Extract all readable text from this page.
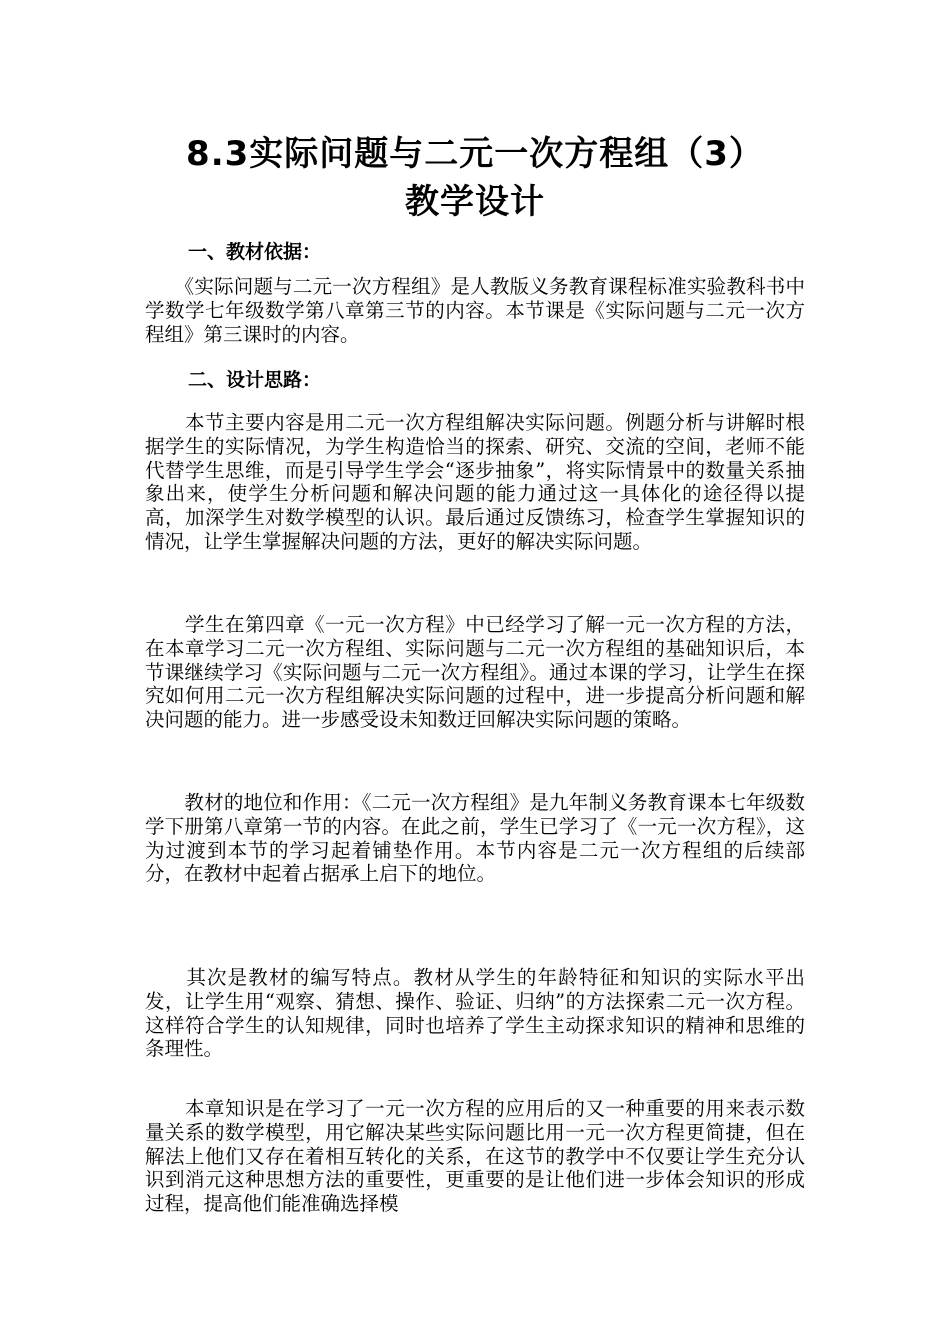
8.3实际问题与二元一次方程组（3）
教学设计
一、教材依据：

　　《实际问题与二元一次方程组》是人教版义务教育课程标准实验教科书中学数学七年级数学第八章第三节的内容。本节课是《实际问题与二元一次方程组》第三课时的内容。

二、设计思路：

　　本节主要内容是用二元一次方程组解决实际问题。例题分析与讲解时根据学生的实际情况，为学生构造恰当的探索、研究、交流的空间，老师不能代替学生思维，而是引导学生学会“逐步抽象”，将实际情景中的数量关系抽象出来，使学生分析问题和解决问题的能力通过这一具体化的途径得以提高，加深学生对数学模型的认识。最后通过反馈练习，检查学生掌握知识的情况，让学生掌握解决问题的方法，更好的解决实际问题。

　　学生在第四章《一元一次方程》中已经学习了解一元一次方程的方法，在本章学习二元一次方程组、实际问题与二元一次方程组的基础知识后，本节课继续学习《实际问题与二元一次方程组》。通过本课的学习，让学生在探究如何用二元一次方程组解决实际问题的过程中，进一步提高分析问题和解决问题的能力。进一步感受设未知数迂回解决实际问题的策略。

　　教材的地位和作用：《二元一次方程组》是九年制义务教育课本七年级数学下册第八章第一节的内容。在此之前，学生已学习了《一元一次方程》，这为过渡到本节的学习起着铺垫作用。本节内容是二元一次方程组的后续部分，在教材中起着占据承上启下的地位。

　　其次是教材的编写特点。教材从学生的年龄特征和知识的实际水平出发，让学生用“观察、猜想、操作、验证、归纳”的方法探索二元一次方程。这样符合学生的认知规律，同时也培养了学生主动探求知识的精神和思维的条理性。

　　本章知识是在学习了一元一次方程的应用后的又一种重要的用来表示数量关系的数学模型，用它解决某些实际问题比用一元一次方程更简捷，但在解法上他们又存在着相互转化的关系，在这节的教学中不仅要让学生充分认识到消元这种思想方法的重要性，更重要的是让他们进一步体会知识的形成过程，提高他们能准确选择模
